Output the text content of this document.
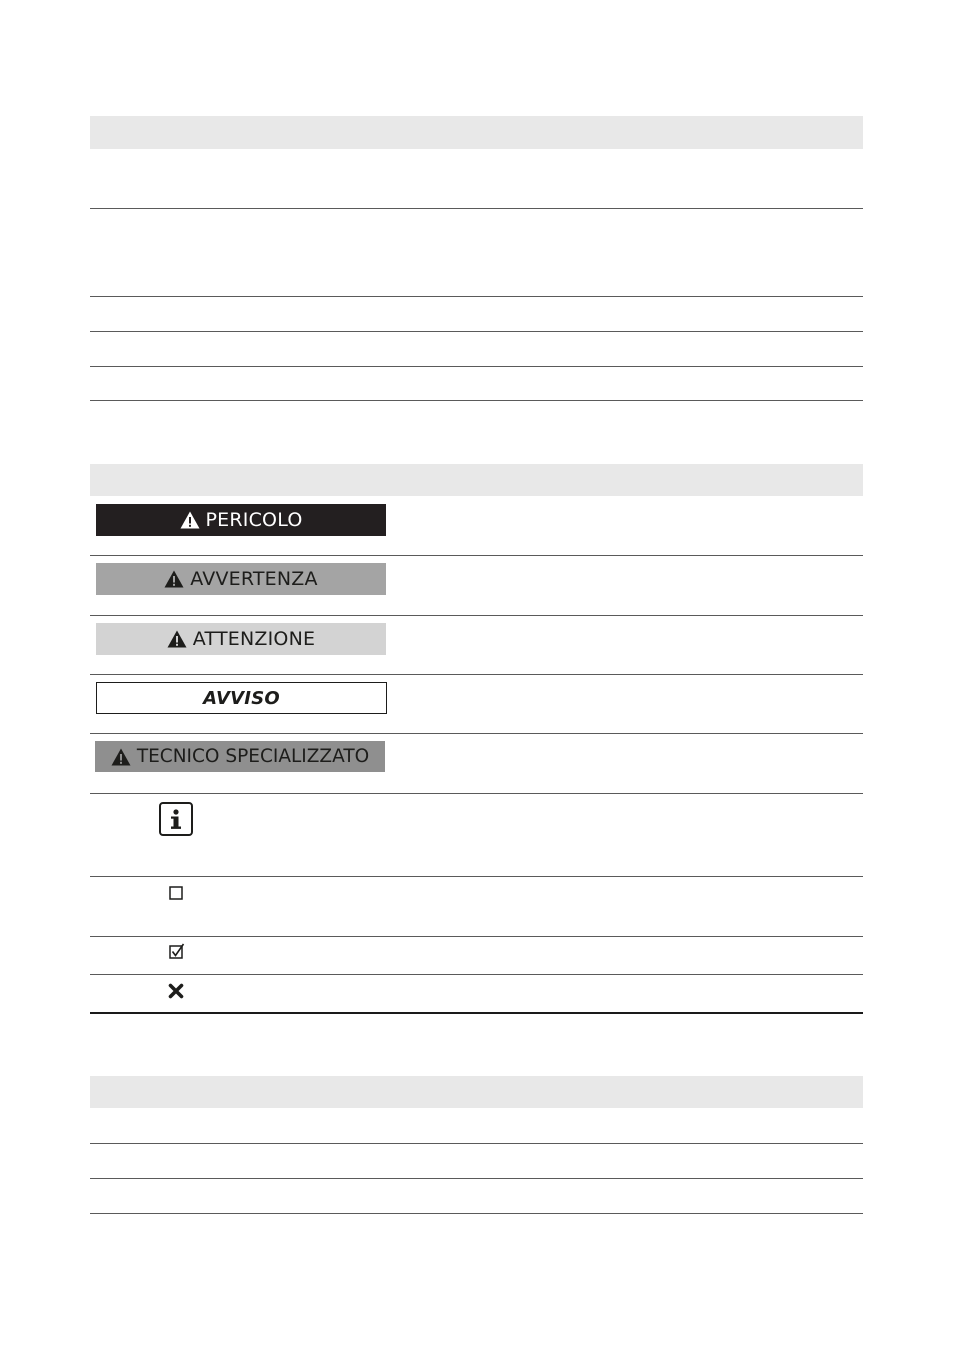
PERICOLO
AVVERTENZA
ATTENZIONE
AVVISO
TECNICO SPECIALIZZATO
